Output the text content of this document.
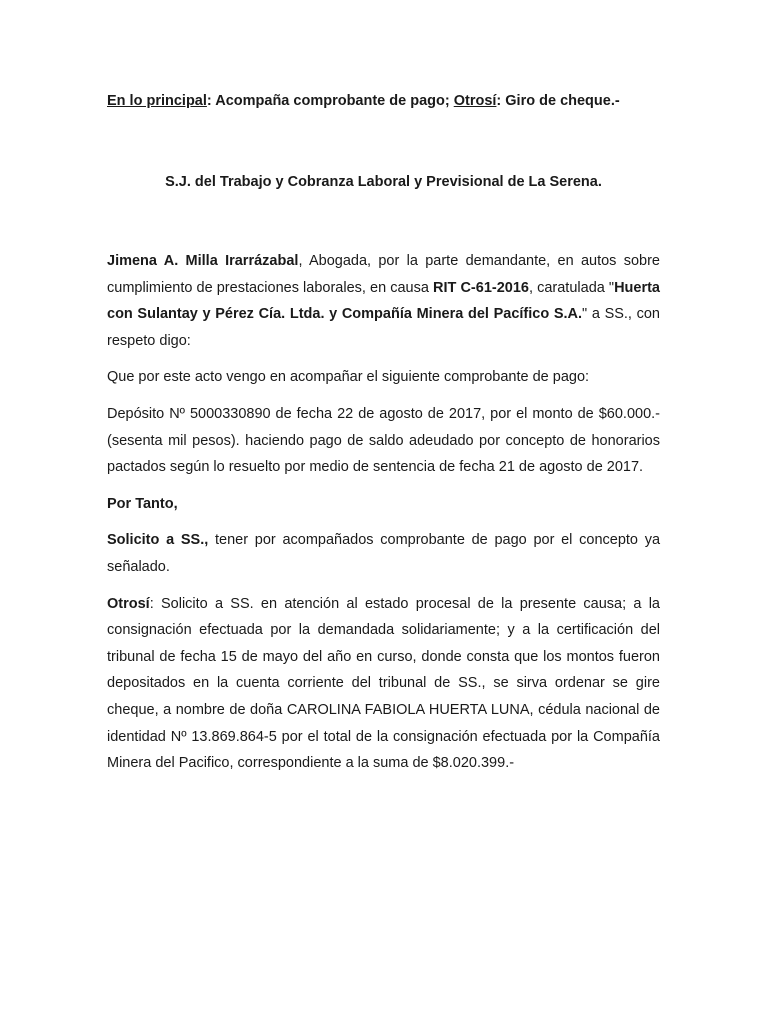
En lo principal: Acompaña comprobante de pago; Otrosí: Giro de cheque.-
S.J. del Trabajo y Cobranza Laboral y Previsional de La Serena.

Jimena A. Milla Irarrázabal, Abogada, por la parte demandante, en autos sobre cumplimiento de prestaciones laborales, en causa RIT C-61-2016, caratulada "Huerta con Sulantay y Pérez Cía. Ltda. y Compañía Minera del Pacífico S.A." a SS., con respeto digo:

Que por este acto vengo en acompañar el siguiente comprobante de pago:

Depósito Nº 5000330890 de fecha 22 de agosto de 2017, por el monto de $60.000.- (sesenta mil pesos). haciendo pago de saldo adeudado por concepto de honorarios pactados según lo resuelto por medio de sentencia de fecha 21 de agosto de 2017.

Por Tanto,

Solicito a SS., tener por acompañados comprobante de pago por el concepto ya señalado.

Otrosí: Solicito a SS. en atención al estado procesal de la presente causa; a la consignación efectuada por la demandada solidariamente; y a la certificación del tribunal de fecha 15 de mayo del año en curso, donde consta que los montos fueron depositados en la cuenta corriente del tribunal de SS., se sirva ordenar se gire cheque, a nombre de doña CAROLINA FABIOLA HUERTA LUNA, cédula nacional de identidad Nº 13.869.864-5 por el total de la consignación efectuada por la Compañía Minera del Pacifico, correspondiente a la suma de $8.020.399.-
